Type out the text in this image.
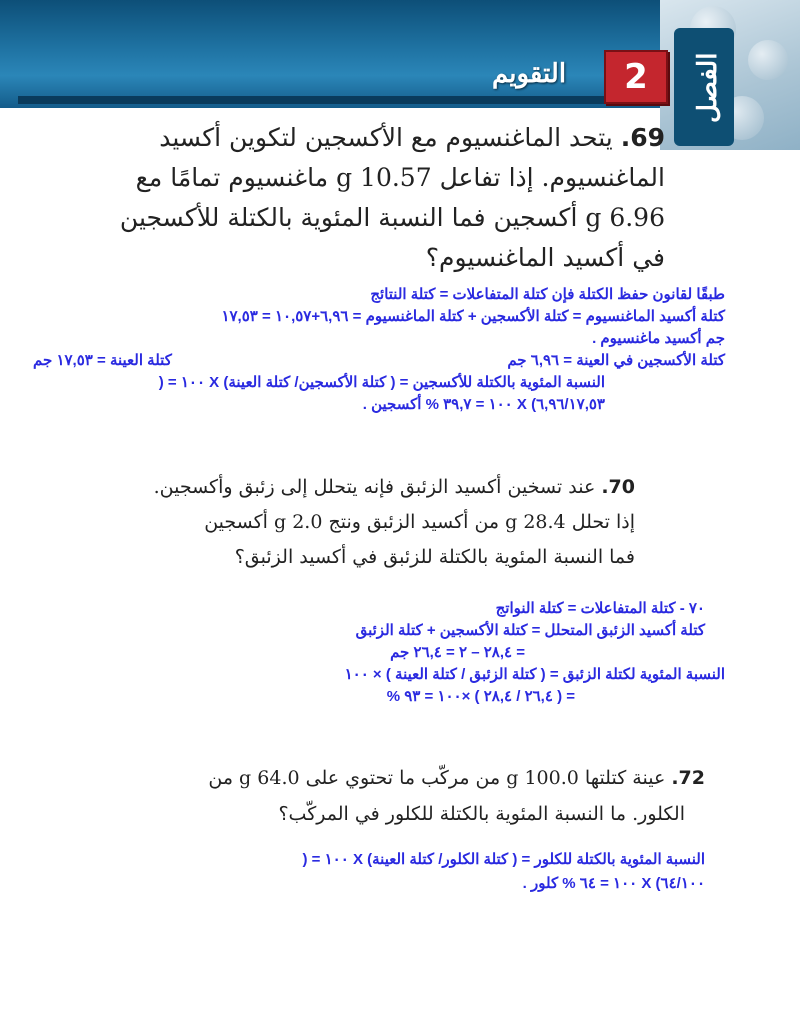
الفصل
2
التقويم
69. يتحد الماغنسيوم مع الأكسجين لتكوين أكسيد
الماغنسيوم. إذا تفاعل 10.57 g ماغنسيوم تمامًا مع
6.96 g أكسجين فما النسبة المئوية بالكتلة للأكسجين
في أكسيد الماغنسيوم؟
طبقًا لقانون حفظ الكتلة فإن كتلة المتفاعلات = كتلة النتائج
كتلة أكسيد الماغنسيوم = كتلة الأكسجين + كتلة الماغنسيوم = ٦,٩٦+١٠,٥٧ = ١٧,٥٣
جم أكسيد ماغنسيوم .
كتلة الأكسجين في العينة = ٦,٩٦ جم
كتلة العينة = ١٧,٥٣ جم
النسبة المئوية بالكتلة للأكسجين = ( كتلة الأكسجين/ كتلة العينة) X ١٠٠ = (
٦,٩٦/١٧,٥٣) X ١٠٠ = ٣٩,٧ % أكسجين .
70. عند تسخين أكسيد الزئبق فإنه يتحلل إلى زئبق وأكسجين.
إذا تحلل 28.4 g من أكسيد الزئبق ونتج 2.0 g أكسجين
فما النسبة المئوية بالكتلة للزئبق في أكسيد الزئبق؟
٧٠ - كتلة المتفاعلات = كتلة النواتج
كتلة أكسيد الزئبق المتحلل = كتلة الأكسجين + كتلة الزئبق
= ٢٨,٤ – ٢ = ٢٦,٤ جم
النسبة المئوية لكتلة الزئبق = ( كتلة الزئبق / كتلة العينة ) × ١٠٠
= ( ٢٦,٤ / ٢٨,٤ ) ×١٠٠ = ٩٣ %
72. عينة كتلتها 100.0 g من مركّب ما تحتوي على 64.0 g من
الكلور. ما النسبة المئوية بالكتلة للكلور في المركّب؟
النسبة المئوية بالكتلة للكلور = ( كتلة الكلور/ كتلة العينة) X ١٠٠ = (
٦٤/١٠٠) X ١٠٠ = ٦٤ % كلور .
